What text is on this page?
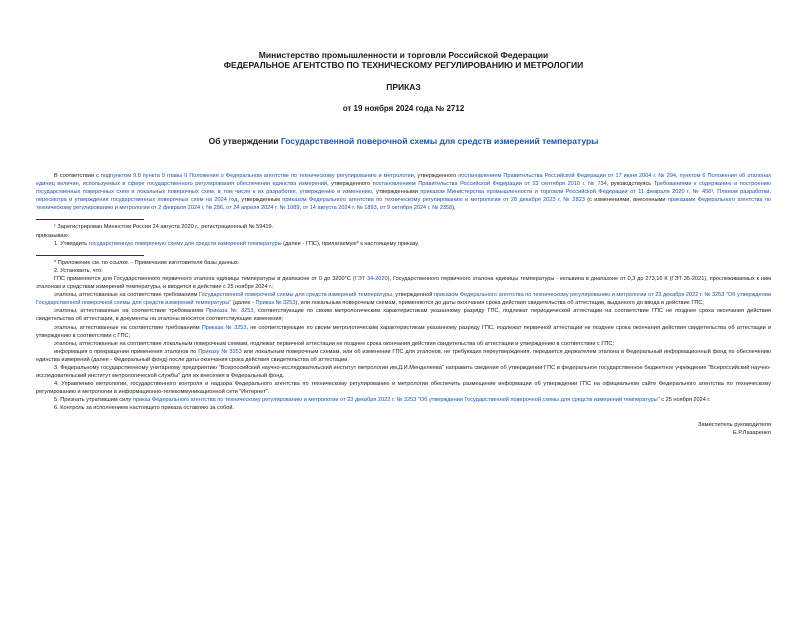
Министерство промышленности и торговли Российской Федерации
ФЕДЕРАЛЬНОЕ АГЕНТСТВО ПО ТЕХНИЧЕСКОМУ РЕГУЛИРОВАНИЮ И МЕТРОЛОГИИ
ПРИКАЗ
от 19 ноября 2024 года № 2712
Об утверждении Государственной поверочной схемы для средств измерений температуры

В соответствии с подпунктом 9.8 пункта 9 главы II Положения о Федеральном агентстве по техническому регулированию и метрологии, утвержденного постановлением Правительства Российской Федерации от 17 июня 2004 г. № 294, пунктом 6 Положения об эталонах единиц величин, используемых в сфере государственного регулирования обеспечения единства измерений, утвержденного постановлением Правительства Российской Федерации от 23 сентября 2010 г. № 734, руководствуясь Требованиями к содержанию и построению государственных поверочных схем и локальных поверочных схем, в том числе к их разработке, утверждению и изменению, утвержденными приказом Министерства промышленности и торговли Российской Федерации от 11 февраля 2020 г. № 456¹, Планом разработки, пересмотра и утверждения государственных поверочных схем на 2024 год, утвержденным приказом Федерального агентства по техническому регулированию и метрологии от 28 декабря 2023 г. № 2823 (с изменениями, внесенными приказами Федерального агентства по техническому регулированию и метрологии от 2 февраля 2024 г. № 286, от 24 апреля 2024 г. № 1089, от 14 августа 2024 г. № 1893, от 9 октября 2024 г. № 2358),

¹ Зарегистрирован Минюстом России 24 августа 2020 г., регистрационный № 59419.

приказываю:

1. Утвердить государственную поверочную схему для средств измерений температуры (далее - ГПС), прилагаемую* к настоящему приказу.

* Приложение см. по ссылке. - Примечание изготовителя базы данных.

2. Установить, что:

ГПС применяется для Государственного первичного эталона единицы температуры в диапазоне от 0 до 3200°С (ГЭТ 34-2020), Государственного первичного эталона единицы температуры - кельвина в диапазоне от 0,3 до 273,16 К (ГЭТ 35-2021), прослеживаемых к ним эталонам и средствам измерений температуры, и вводится в действие с 25 ноября 2024 г.;

эталоны, аттестованные на соответствие требованиям Государственной поверочной схемы для средств измерений температуры, утвержденной приказом Федерального агентства по техническому регулированию и метрологии от 23 декабря 2022 г. № 3253 "Об утверждении Государственной поверочной схемы для средств измерений температуры" (далее - Приказ № 3253), или локальным поверочным схемам, применяются до даты окончания срока действия свидетельства об аттестации, выданного до ввода в действие ГПС;

эталоны, аттестованные на соответствие требованиям Приказа № 3253, соответствующие по своим метрологическим характеристикам указанному разряду ГПС, подлежат периодической аттестации на соответствие ГПС не позднее срока окончания действия свидетельства об аттестации, в документы на эталоны вносятся соответствующие изменения;

эталоны, аттестованные на соответствие требованиям Приказа № 3253, не соответствующие по своим метрологическим характеристикам указанному разряду ГПС, подлежат первичной аттестации не позднее срока окончания действия свидетельства об аттестации и утверждению в соответствии с ГПС;

эталоны, аттестованные на соответствие локальным поверочным схемам, подлежат первичной аттестации не позднее срока окончания действия свидетельства об аттестации и утверждению в соответствии с ГПС;

информация о прекращении применения эталонов по Приказу № 3253 или локальным поверочным схемам, или об изменении ГПС для эталонов, не требующих переутверждения, передается держателем эталона в Федеральный информационный фонд по обеспечению единства измерений (далее - Федеральный фонд) после даты окончания срока действия свидетельства об аттестации.

3. Федеральному государственному унитарному предприятию "Всероссийский научно-исследовательский институт метрологии им.Д.И.Менделеева" направить сведения об утверждении ГПС в федеральное государственное бюджетное учреждение "Всероссийский научно-исследовательский институт метрологической службы" для их внесения в Федеральный фонд.

4. Управлению метрологии, государственного контроля и надзора Федерального агентства по техническому регулированию и метрологии обеспечить размещение информации об утверждении ГПС на официальном сайте Федерального агентства по техническому регулированию и метрологии в информационно-телекоммуникационной сети "Интернет".

5. Признать утратившим силу приказ Федерального агентства по техническому регулированию и метрологии от 23 декабря 2022 г. № 3253 "Об утверждении Государственной поверочной схемы для средств измерений температуры" с 25 ноября 2024 г.

6. Контроль за исполнением настоящего приказа оставляю за собой.

Заместитель руководителя
Е.Р.Лазаренко
